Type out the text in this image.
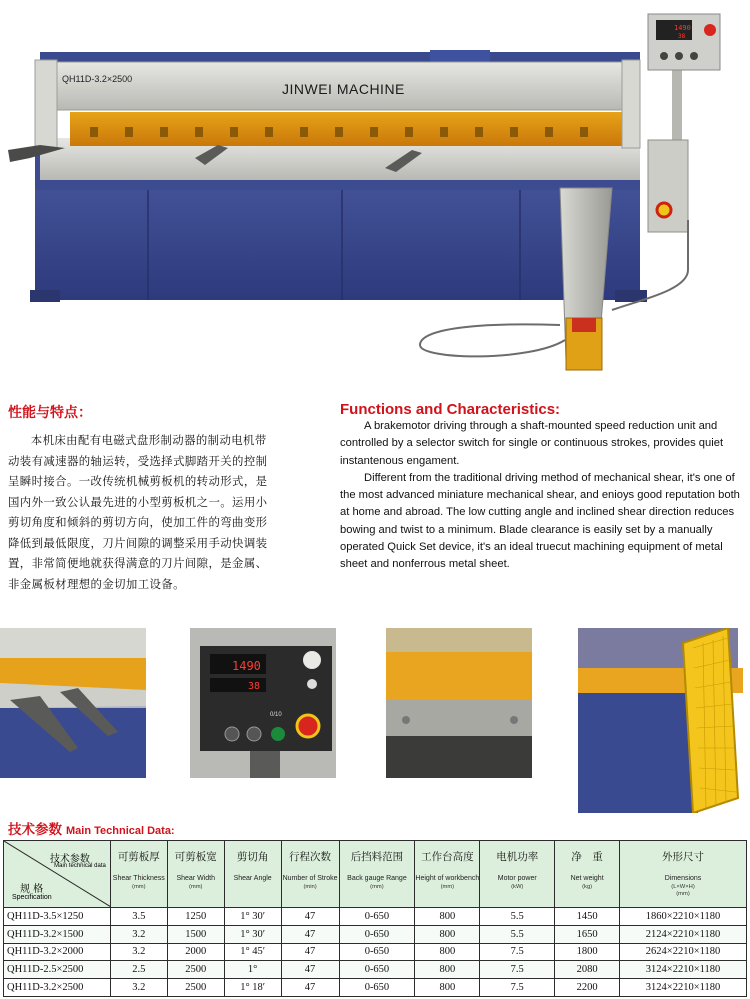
QH11D-3.2×2500
JINWEI MACHINE
1490
38
性能与特点：

本机床由配有电磁式盘形制动器的制动电机带动装有减速器的轴运转，受选择式脚踏开关的控制呈瞬时接合。一改传统机械剪板机的转动形式，是国内外一致公认最先进的小型剪板机之一。运用小剪切角度和倾斜的剪切方向，使加工件的弯曲变形降低到最低限度，刀片间隙的调整采用手动快调装置，非常简便地就获得满意的刀片间隙，是金属、非金属板材理想的金切加工设备。

Functions and Characteristics:

A brakemotor driving through a shaft-mounted speed reduction unit and controlled by a selector switch for single or continuous strokes, provides quiet instantenous engament.

Different from the traditional driving method of mechanical shear, it's one of the most advanced miniature mechanical shear, and enioys good reputation both at home and abroad. The low cutting angle and inclined shear direction reduces bowing and twist to a minimum. Blade clearance is easily set by a manually operated Quick Set device, it's an ideal truecut machining equipment of metal sheet and nonferrous metal sheet.

1490
38
0/10
技术参数 Main Technical Data:
技术参数
Main technical data
规 格
Specification	可剪板厚
Shear Thickness
(mm)	可剪板宽
Shear Width
(mm)	剪切角
Shear Angle	行程次数
Number of Stroke
(min)	后挡料范围
Back gauge Range
(mm)	工作台高度
Height of workbench
(mm)	电机功率
Motor power
(kW)	净　重
Net weight
(kg)	外形尺寸
Dimensions
(L×W×H)
(mm)

QH11D-3.5×1250	3.5	1250	1° 30′	47	0-650	800	5.5	1450	1860×2210×1180
QH11D-3.2×1500	3.2	1500	1° 30′	47	0-650	800	5.5	1650	2124×2210×1180
QH11D-3.2×2000	3.2	2000	1° 45′	47	0-650	800	7.5	1800	2624×2210×1180
QH11D-2.5×2500	2.5	2500	1°	47	0-650	800	7.5	2080	3124×2210×1180
QH11D-3.2×2500	3.2	2500	1° 18′	47	0-650	800	7.5	2200	3124×2210×1180
